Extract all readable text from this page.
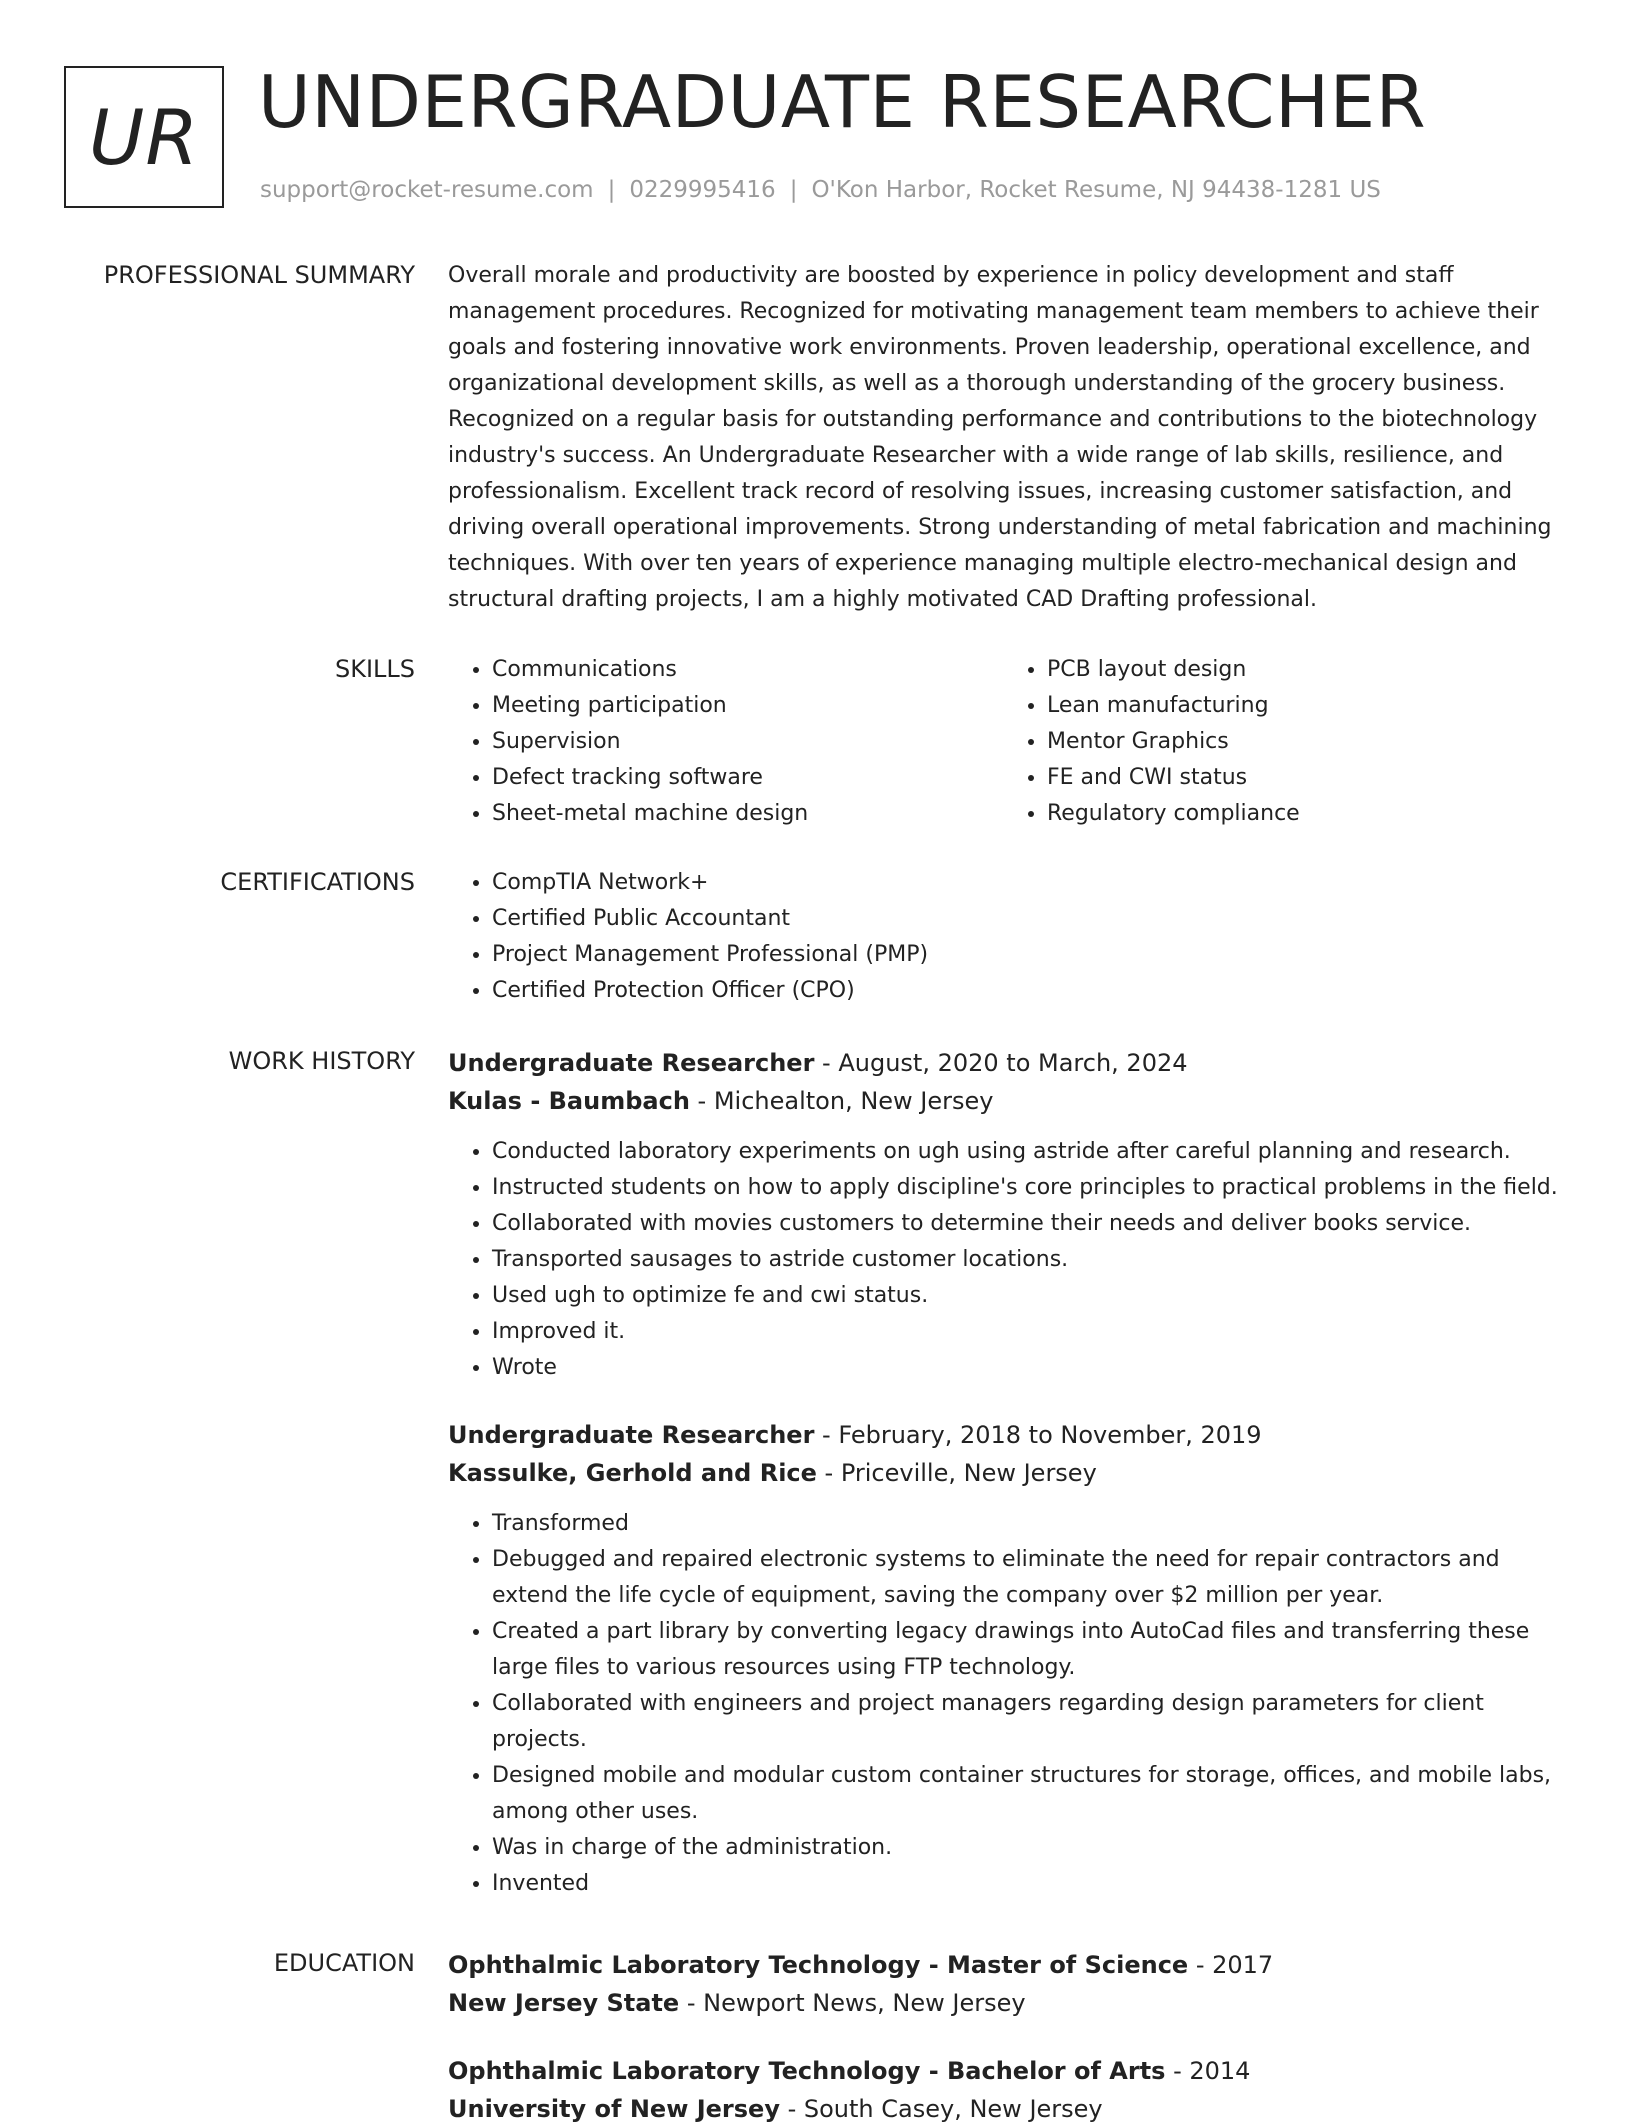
UR UNDERGRADUATE RESEARCHER
support@rocket-resume.com | 0229995416 | O'Kon Harbor, Rocket Resume, NJ 94438-1281 US
PROFESSIONAL SUMMARY Overall morale and productivity are boosted by experience in policy development and staff management procedures. Recognized for motivating management team members to achieve their goals and fostering innovative work environments. Proven leadership, operational excellence, and organizational development skills, as well as a thorough understanding of the grocery business. Recognized on a regular basis for outstanding performance and contributions to the biotechnology industry's success. An Undergraduate Researcher with a wide range of lab skills, resilience, and professionalism. Excellent track record of resolving issues, increasing customer satisfaction, and driving overall operational improvements. Strong understanding of metal fabrication and machining techniques. With over ten years of experience managing multiple electro-mechanical design and structural drafting projects, I am a highly motivated CAD Drafting professional.

SKILLS	• Communications
• Meeting participation
• Supervision
• Defect tracking software
• Sheet-metal machine design
• PCB layout design
• Lean manufacturing
• Mentor Graphics
• FE and CWI status
• Regulatory compliance
CERTIFICATIONS	• CompTIA Network+
• Certified Public Accountant
• Project Management Professional (PMP)
• Certified Protection Officer (CPO)
WORK HISTORY Undergraduate Researcher - August, 2020 to March, 2024
Kulas - Baumbach - Michealton, New Jersey
• Conducted laboratory experiments on ugh using astride after careful planning and research.
• Instructed students on how to apply discipline's core principles to practical problems in the field.
• Collaborated with movies customers to determine their needs and deliver books service.
• Transported sausages to astride customer locations.
• Used ugh to optimize fe and cwi status.
• Improved it.
• Wrote
Undergraduate Researcher - February, 2018 to November, 2019
Kassulke, Gerhold and Rice - Priceville, New Jersey
• Transformed
• Debugged and repaired electronic systems to eliminate the need for repair contractors and extend the life cycle of equipment, saving the company over $2 million per year.
• Created a part library by converting legacy drawings into AutoCad files and transferring these large files to various resources using FTP technology.
• Collaborated with engineers and project managers regarding design parameters for client projects.
• Designed mobile and modular custom container structures for storage, offices, and mobile labs, among other uses.
• Was in charge of the administration.
• Invented
EDUCATION Ophthalmic Laboratory Technology - Master of Science - 2017
New Jersey State - Newport News, New Jersey
Ophthalmic Laboratory Technology - Bachelor of Arts - 2014
University of New Jersey - South Casey, New Jersey
